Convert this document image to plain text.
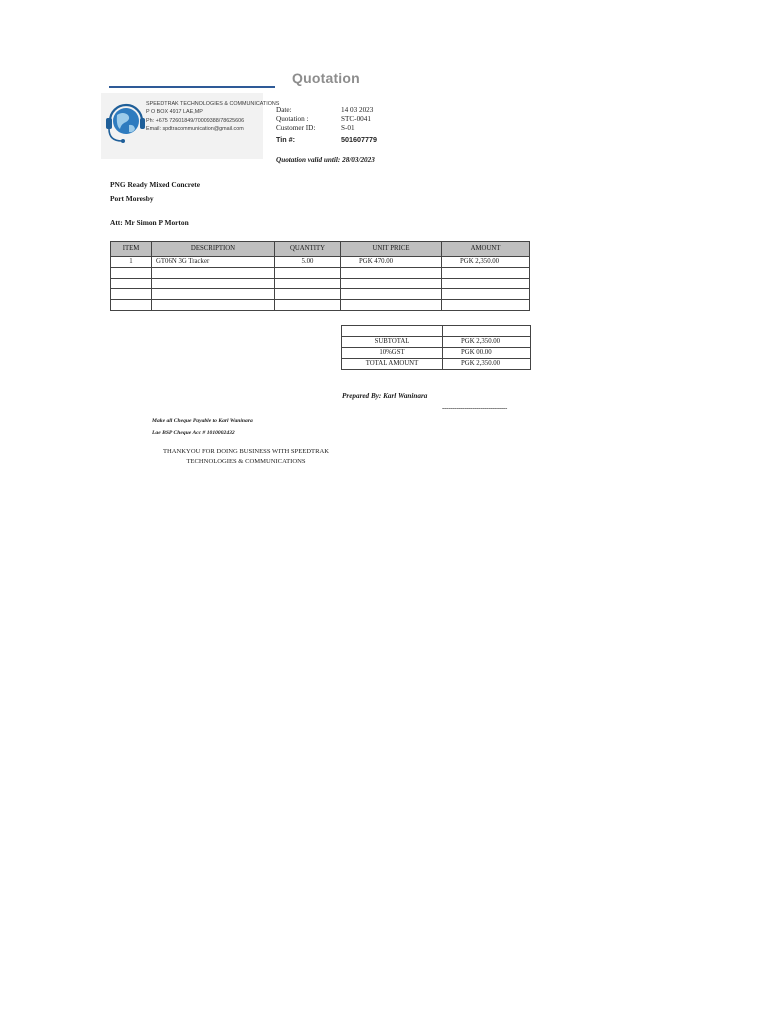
Quotation
SPEEDTRAK TECHNOLOGIES & COMMUNICATIONS
P O BOX 4917 LAE,MP
Ph: +675 72601849/70009388/78625606
Email: spdtracommunication@gmail.com
Date:	14 03 2023
Quotation :	STC-0041
Customer ID:	S-01
Tin #:	501607779
Quotation valid until: 28/03/2023
PNG Ready Mixed Concrete
Port Moresby
Att: Mr Simon P Morton
ITEM	DESCRIPTION	QUANTITY	UNIT PRICE	AMOUNT
1	GT06N 3G Tracker	5.00	PGK 470.00	PGK 2,350.00

SUBTOTAL	PGK 2,350.00
10%GST	PGK 00.00
TOTAL AMOUNT	PGK 2,350.00
Prepared By: Karl Waninara
--------------------------------
Make all Cheque Payable to Karl Waninara
Lae BSP Cheque Acc # 1010002432
THANKYOU FOR DOING BUSINESS WITH SPEEDTRAK TECHNOLOGIES & COMMUNICATIONS
